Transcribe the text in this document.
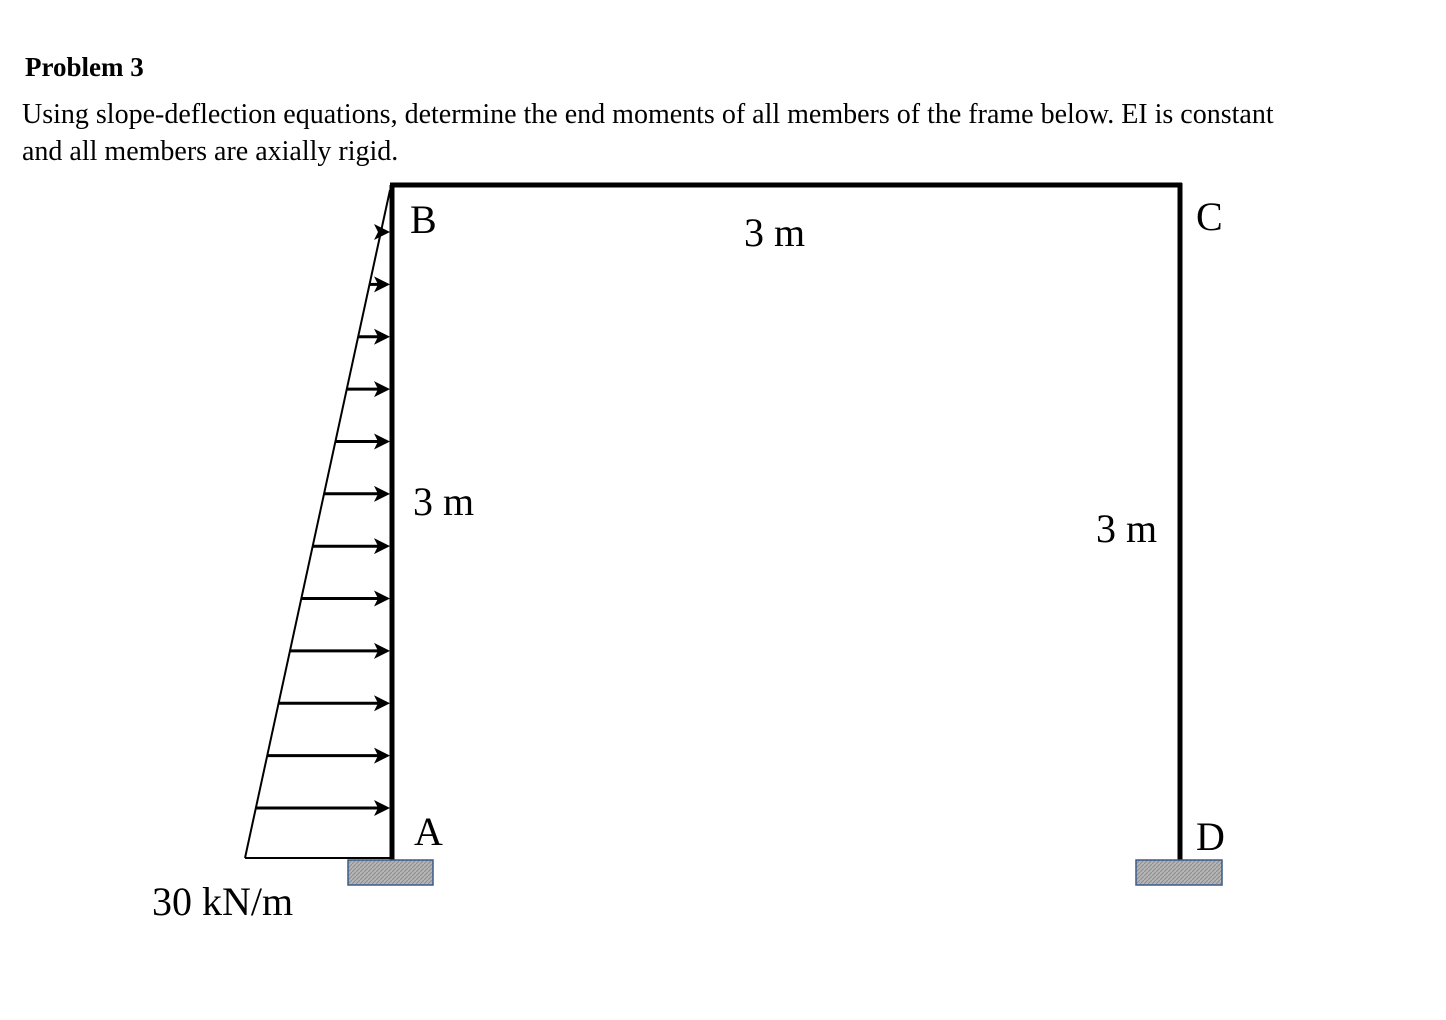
Problem 3
Using slope-deflection equations, determine the end moments of all members of the frame below. EI is constant
and all members are axially rigid.
B	C
A	D
3 m
3 m
3 m
30 kN/m
